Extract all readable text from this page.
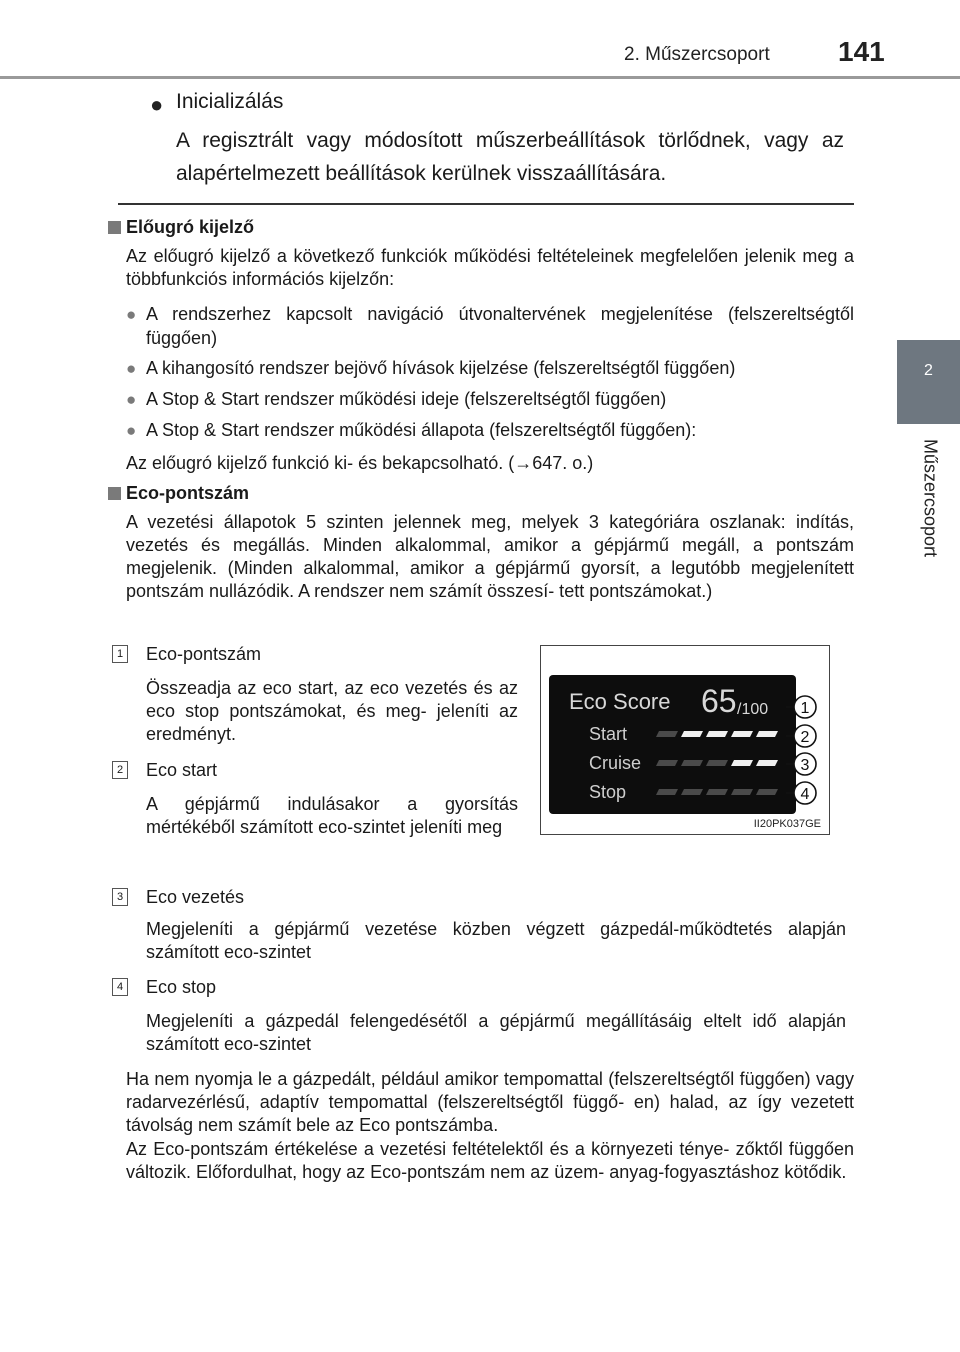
2. Műszercsoport 141
2
Műszercsoport
● Inicializálás
A regisztrált vagy módosított műszerbeállítások törlődnek, vagy az alapértelmezett beállítások kerülnek visszaállítására.
Előugró kijelző
Az előugró kijelző a következő funkciók működési feltételeinek megfelelően jelenik meg a többfunkciós információs kijelzőn:
● A rendszerhez kapcsolt navigáció útvonaltervének megjelenítése (felszereltségtől függően)
● A kihangosító rendszer bejövő hívások kijelzése (felszereltségtől függően)
● A Stop & Start rendszer működési ideje (felszereltségtől függően)
● A Stop & Start rendszer működési állapota (felszereltségtől függően):
Az előugró kijelző funkció ki- és bekapcsolható. (→647. o.)
Eco-pontszám
A vezetési állapotok 5 szinten jelennek meg, melyek 3 kategóriára oszlanak: indítás, vezetés és megállás. Minden alkalommal, amikor a gépjármű megáll, a pontszám megjelenik. (Minden alkalommal, amikor a gépjármű gyorsít, a legutóbb megjelenített pontszám nullázódik. A rendszer nem számít összesí- tett pontszámokat.)
1 Eco-pontszám
Összeadja az eco start, az eco vezetés és az eco stop pontszámokat, és meg- jeleníti az eredményt.
2 Eco start
A gépjármű indulásakor a gyorsítás mértékéből számított eco-szintet jeleníti meg
3 Eco vezetés
Megjeleníti a gépjármű vezetése közben végzett gázpedál-működtetés alapján számított eco-szintet
4 Eco stop
Megjeleníti a gázpedál felengedésétől a gépjármű megállításáig eltelt idő alapján számított eco-szintet
Ha nem nyomja le a gázpedált, például amikor tempomattal (felszereltségtől függően) vagy radarvezérlésű, adaptív tempomattal (felszereltségtől függő- en) halad, az így vezetett távolság nem számít bele az Eco pontszámba.
Az Eco-pontszám értékelése a vezetési feltételektől és a környezeti ténye- zőktől függően változik. Előfordulhat, hogy az Eco-pontszám nem az üzem- anyag-fogyasztáshoz kötődik.
Eco Score 65 /100
Start
Cruise
Stop
1
2
3
4
II20PK037GE
